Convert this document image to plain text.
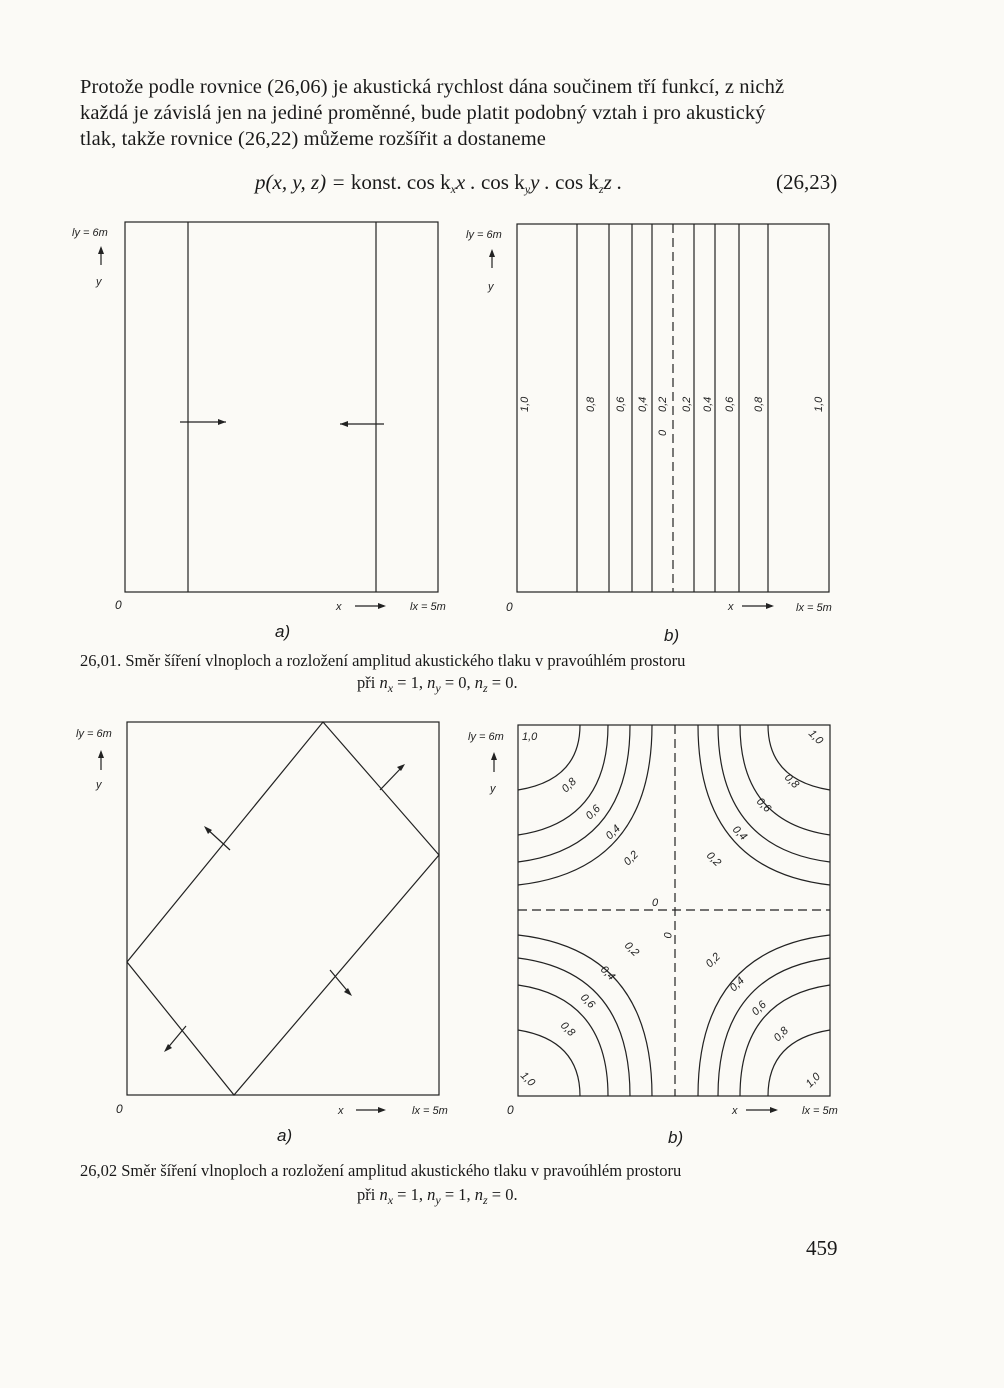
Protože podle rovnice (26,06) je akustická rychlost dána součinem tří funkcí, z nichž
každá je závislá jen na jediné proměnné, bude platit podobný vztah i pro akustický
tlak, takže rovnice (26,22) můžeme rozšířit a dostaneme
p(x, y, z) = konst. $\cos k_xx$ . $\cos k_yy$ . $\cos k_zz$ .	(26,23)
ly = 6m
y
0	x	lx = 5m
ly = 6m
y
0	x	lx = 5m
1,0	0,8 0,6 0,4 0,2
0
0,2 0,4 0,6 0,8	1,0
ly = 6m
y
0	x	lx = 5m
ly = 6m
y
0	x	lx = 5m
1,0
0,8
0,6
0,4
0,2
0
0
1,0
0,8
0,6
0,4
0,2
0,2
0,4
0,6
0,8
1,0
0,2
0,4
0,6
0,8
1,0
a)	b)
a)	b)
26,01. Směr šíření vlnoploch a rozložení amplitud akustického tlaku v pravoúhlém prostoru
při $n_x = 1$, $n_y = 0$, $n_z = 0$.
26,02 Směr šíření vlnoploch a rozložení amplitud akustického tlaku v pravoúhlém prostoru
při $n_x = 1$, $n_y = 1$, $n_z = 0$.
459
